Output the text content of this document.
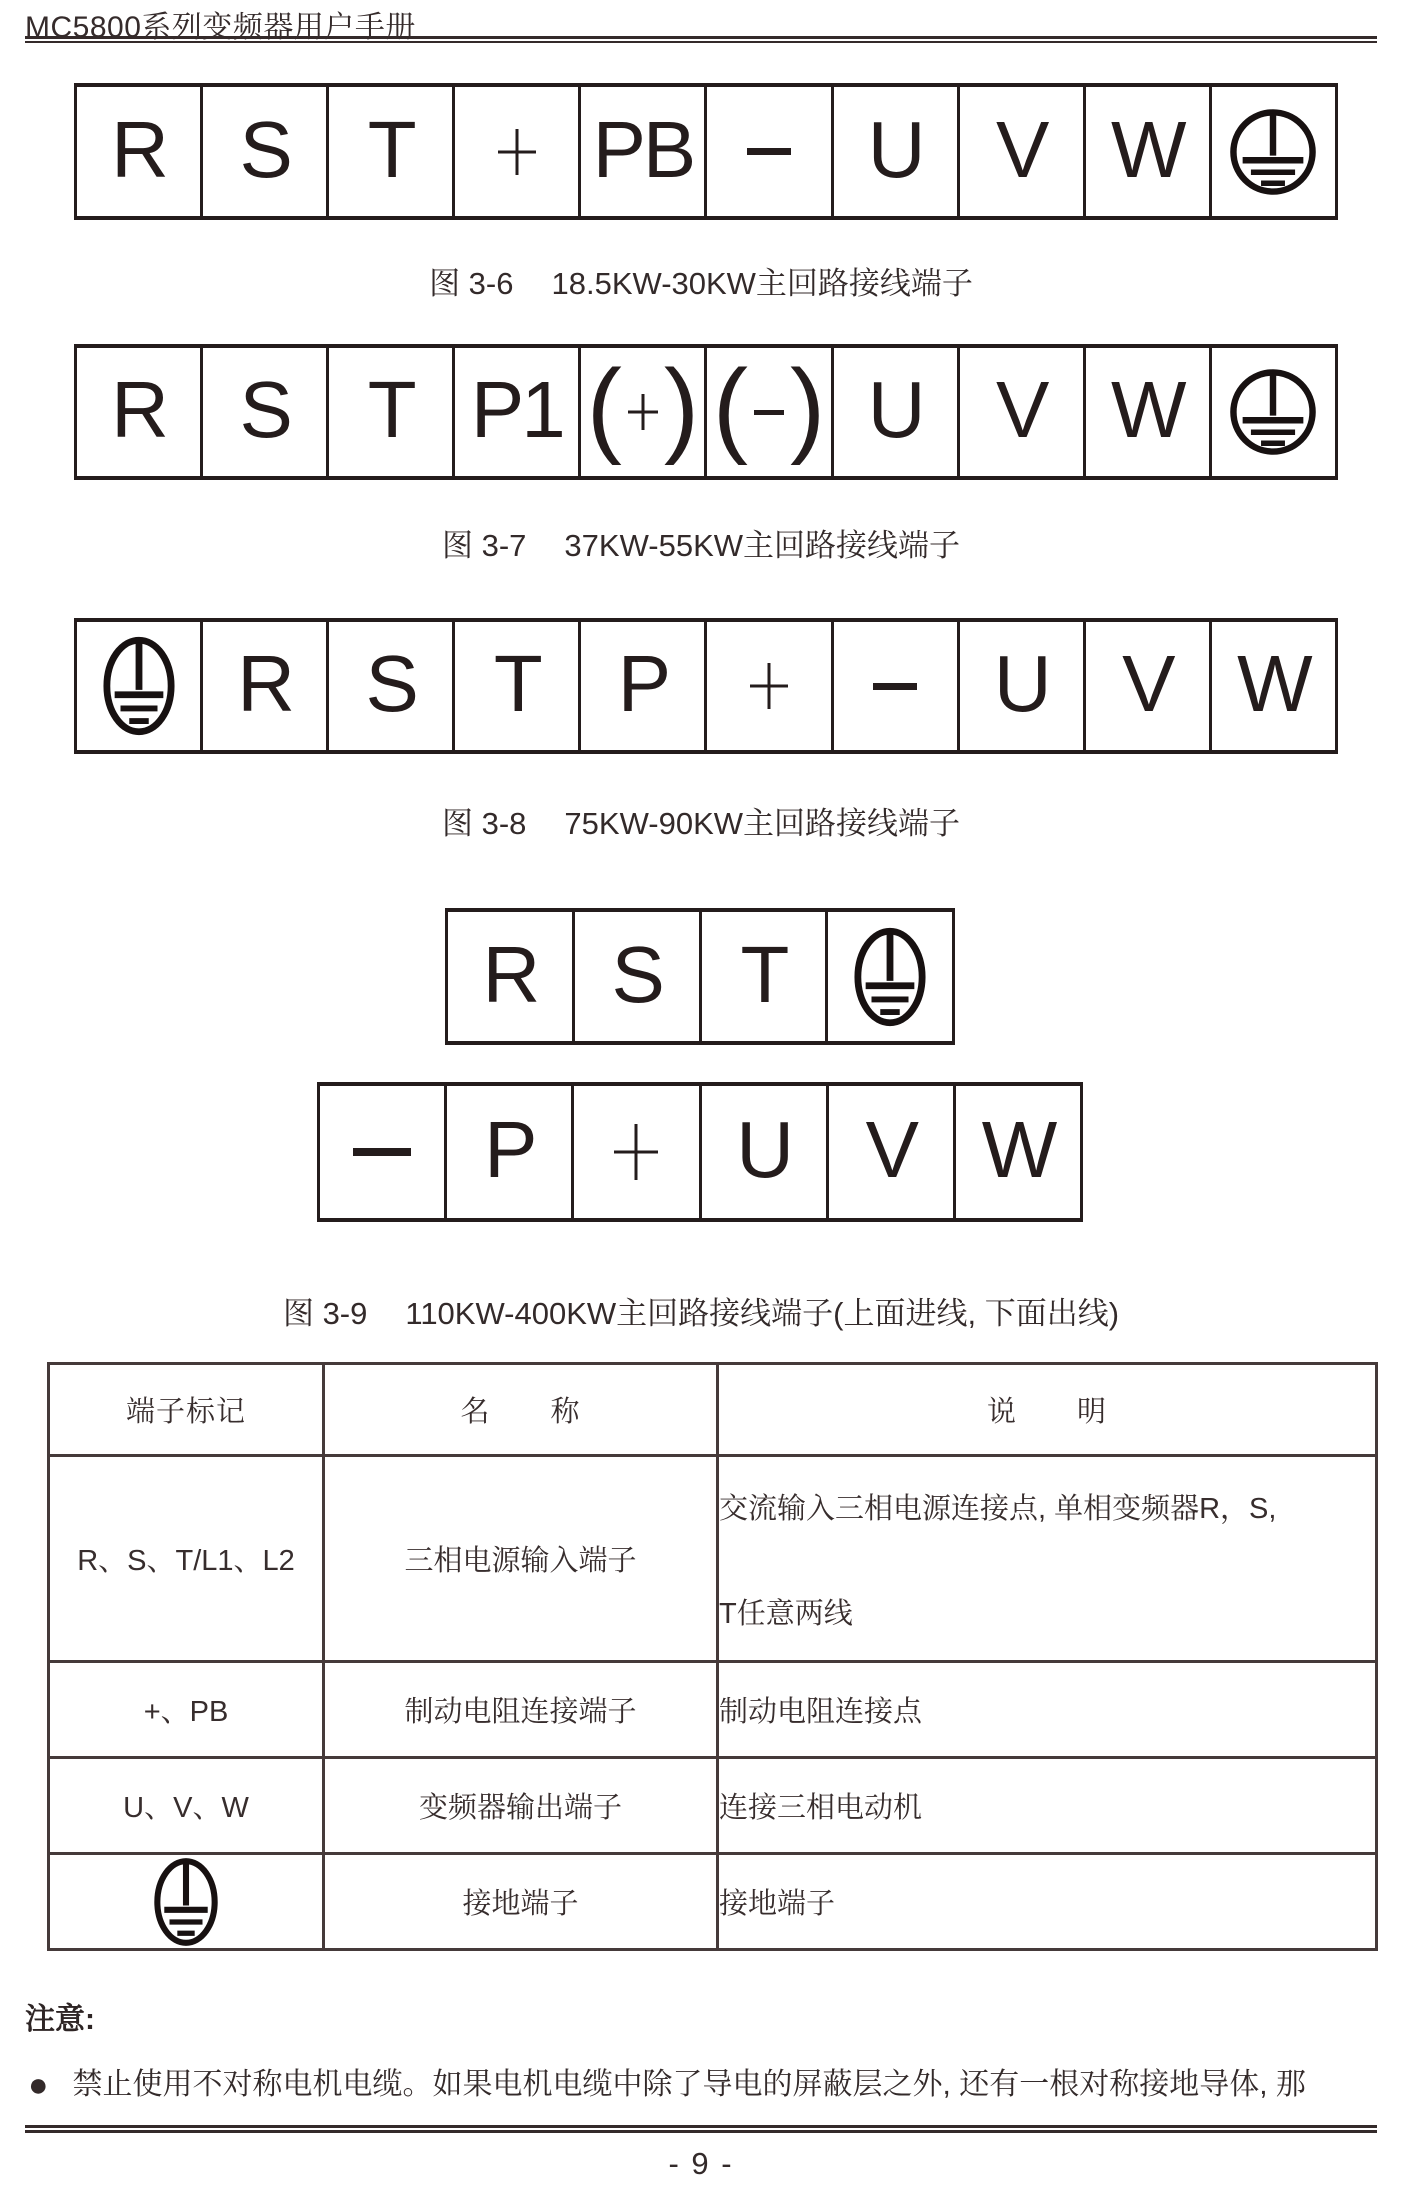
MC5800系列变频器用户手册
R S T	PB	U V W
图 3-6 18.5KW-30KW主回路接线端子
R S T P1 ( ) ( ) U V W
图 3-7 37KW-55KW主回路接线端子
R S T P	U V W
图 3-8 75KW-90KW主回路接线端子
R S T
P	U V W
图 3-9 110KW-400KW主回路接线端子(上面进线, 下面出线)
端子标记	名　　称	说　　明
R、S、T/L1、L2	三相电源输入端子	交流输入三相电源连接点, 单相变频器R，S,
T任意两线

+、PB	制动电阻连接端子	制动电阻连接点

U、V、W	变频器输出端子	连接三相电动机

	接地端子	接地端子
注意:
● 禁止使用不对称电机电缆。如果电机电缆中除了导电的屏蔽层之外, 还有一根对称接地导体, 那
- 9 -
